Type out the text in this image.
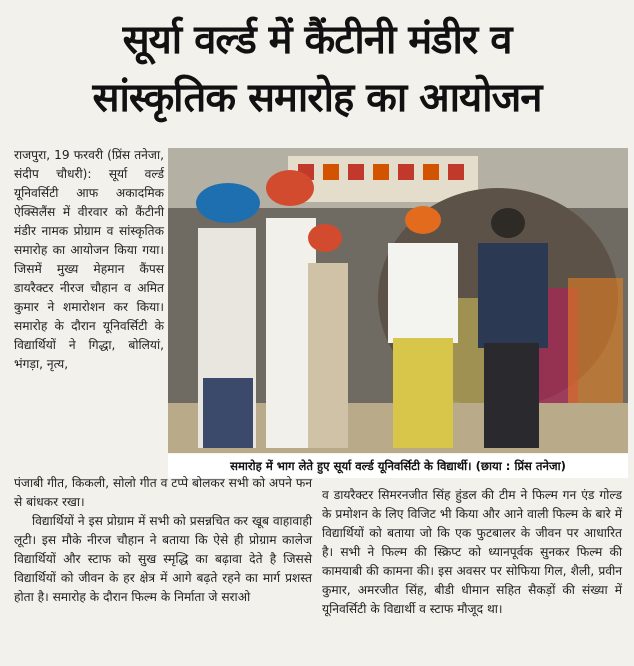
सूर्या वर्ल्ड में कैंटीनी मंडीर व
सांस्कृतिक समारोह का आयोजन

राजपुरा, 19 फरवरी (प्रिंस तनेजा, संदीप चौधरी): सूर्या वर्ल्ड यूनिवर्सिटी आफ अकादमिक ऐक्सिलैंस में वीरवार को कैंटीनी मंडीर नामक प्रोग्राम व सांस्कृतिक समारोह का आयोजन किया गया। जिसमें मुख्य मेहमान कैंपस डायरैक्टर नीरज चौहान व अमित कुमार ने शमारोशन कर किया। समारोह के दौरान यूनिवर्सिटी के विद्यार्थियों ने गिद्धा, बोलियां, भंगड़ा, नृत्य,

समारोह में भाग लेते हुए सूर्या वर्ल्ड यूनिवर्सिटी के विद्यार्थी। (छाया : प्रिंस तनेजा)

पंजाबी गीत, किकली, सोलो गीत व टप्पे बोलकर सभी को अपने फन से बांधकर रखा।

विद्यार्थियों ने इस प्रोग्राम में सभी को प्रसन्नचित कर खूब वाहावाही लूटी। इस मौके नीरज चौहान ने बताया कि ऐसे ही प्रोग्राम कालेज विद्यार्थियों और स्टाफ को सुख स्मृद्धि का बढ़ावा देते है जिससे विद्यार्थियों को जीवन के हर क्षेत्र में आगे बढ़ते रहने का मार्ग प्रशस्त होता है। समारोह के दौरान फिल्म के निर्माता जे सराओ

व डायरैक्टर सिमरनजीत सिंह हुंडल की टीम ने फिल्म गन एंड गोल्ड के प्रमोशन के लिए विजिट भी किया और आने वाली फिल्म के बारे में विद्यार्थियों को बताया जो कि एक फुटबालर के जीवन पर आधारित है। सभी ने फिल्म की स्क्रिप्ट को ध्यानपूर्वक सुनकर फिल्म की कामयाबी की कामना की। इस अवसर पर सोफिया गिल, शैली, प्रवीन कुमार, अमरजीत सिंह, बीडी धीमान सहित सैकड़ों की संख्या में यूनिवर्सिटी के विद्यार्थी व स्टाफ मौजूद था।
